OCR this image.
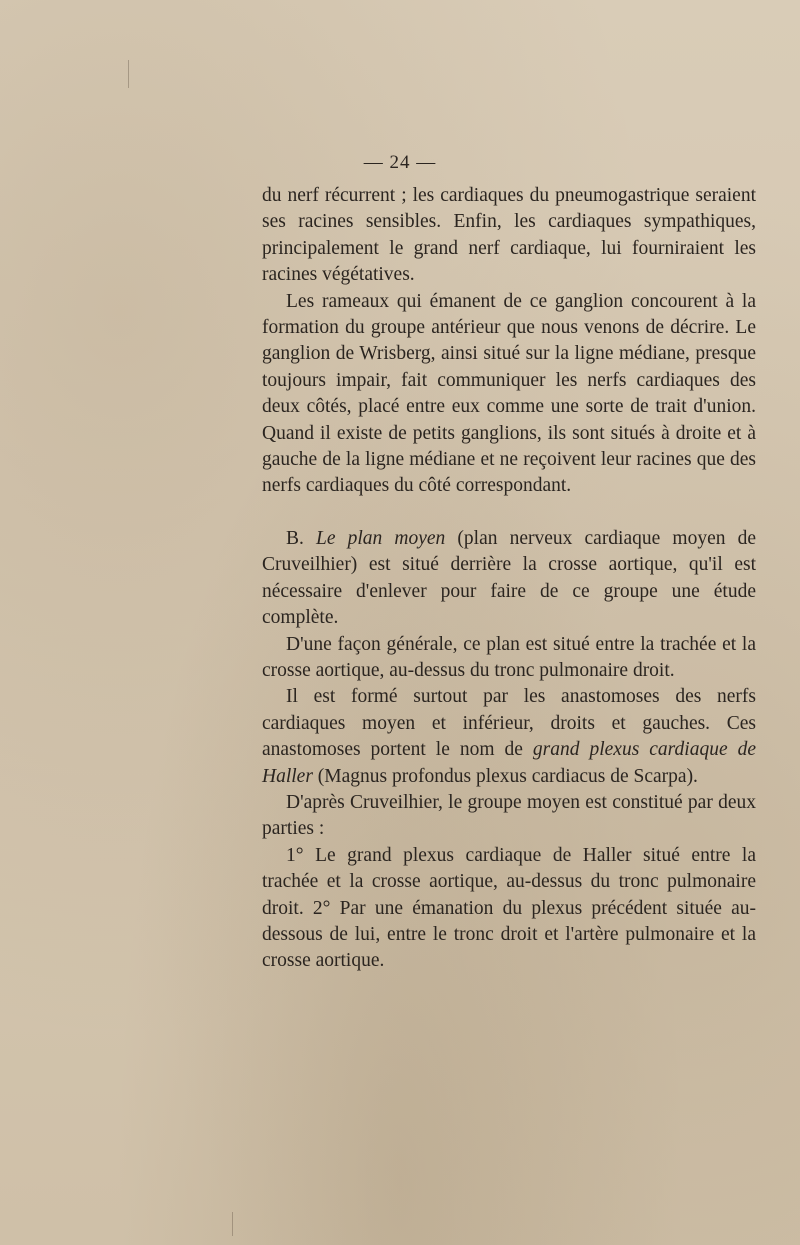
— 24 —

du nerf récurrent ; les cardiaques du pneumogastrique seraient ses racines sensibles. Enfin, les cardiaques sympathiques, principalement le grand nerf cardiaque, lui fourniraient les racines végétatives.

Les rameaux qui émanent de ce ganglion concourent à la formation du groupe antérieur que nous venons de décrire. Le ganglion de Wrisberg, ainsi situé sur la ligne médiane, presque toujours impair, fait communiquer les nerfs cardiaques des deux côtés, placé entre eux comme une sorte de trait d'union. Quand il existe de petits ganglions, ils sont situés à droite et à gauche de la ligne médiane et ne reçoivent leur racines que des nerfs cardiaques du côté correspondant.

B. Le plan moyen (plan nerveux cardiaque moyen de Cruveilhier) est situé derrière la crosse aortique, qu'il est nécessaire d'enlever pour faire de ce groupe une étude complète.

D'une façon générale, ce plan est situé entre la trachée et la crosse aortique, au-dessus du tronc pulmonaire droit.

Il est formé surtout par les anastomoses des nerfs cardiaques moyen et inférieur, droits et gauches. Ces anastomoses portent le nom de grand plexus cardiaque de Haller (Magnus profondus plexus cardiacus de Scarpa).

D'après Cruveilhier, le groupe moyen est constitué par deux parties :

1° Le grand plexus cardiaque de Haller situé entre la trachée et la crosse aortique, au-dessus du tronc pulmonaire droit. 2° Par une émanation du plexus précédent située au-dessous de lui, entre le tronc droit et l'artère pulmonaire et la crosse aortique.
